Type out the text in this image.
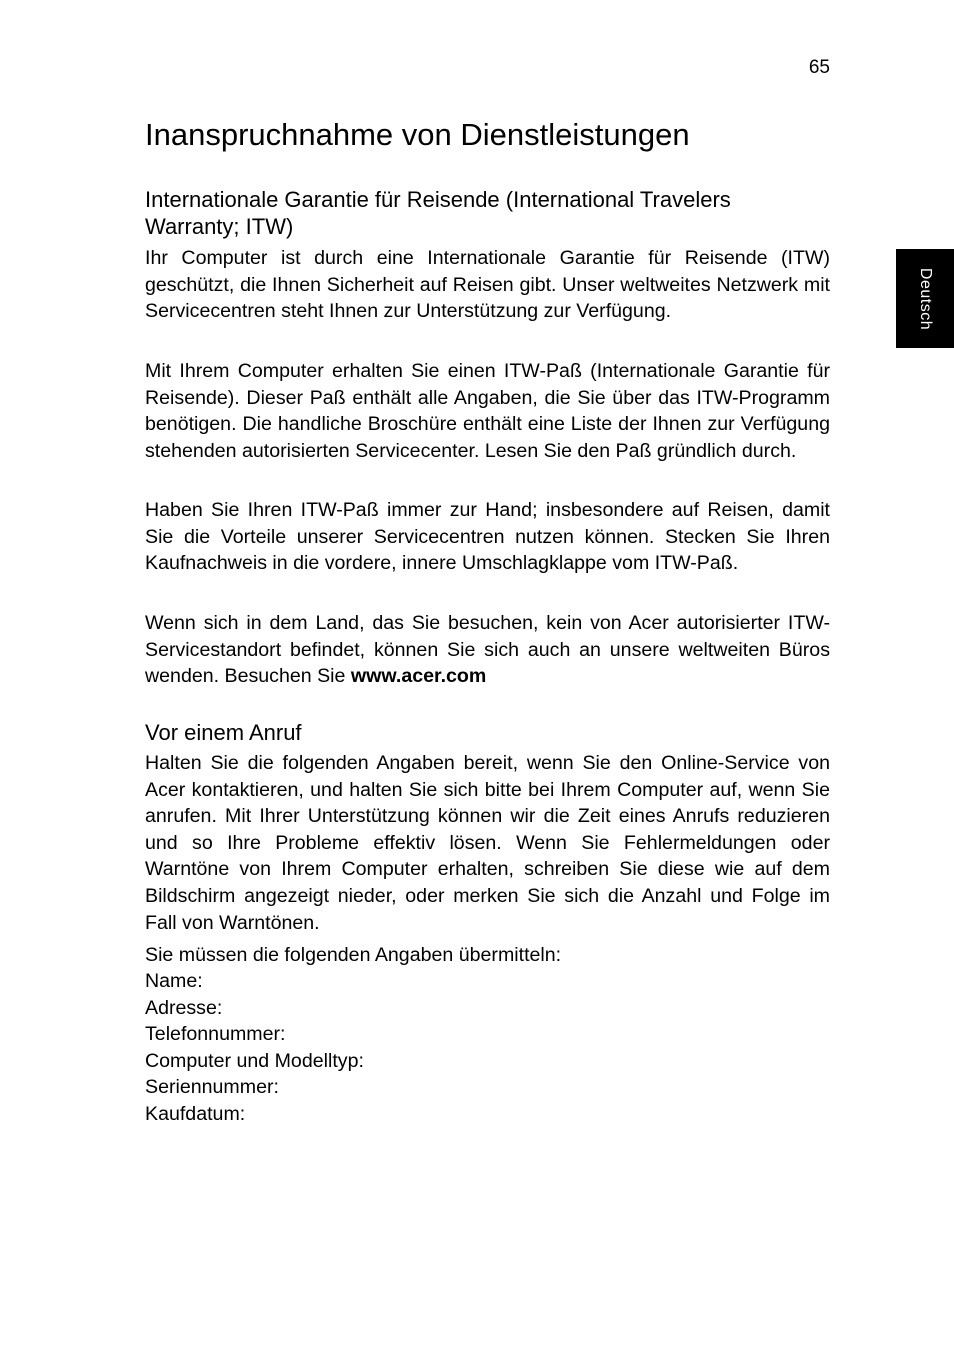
65
Deutsch
Inanspruchnahme von Dienstleistungen
Internationale Garantie für Reisende (International Travelers Warranty; ITW)

Ihr Computer ist durch eine Internationale Garantie für Reisende (ITW) geschützt, die Ihnen Sicherheit auf Reisen gibt. Unser weltweites Netzwerk mit Servicecentren steht Ihnen zur Unterstützung zur Verfügung.

Mit Ihrem Computer erhalten Sie einen ITW-Paß (Internationale Garantie für Reisende). Dieser Paß enthält alle Angaben, die Sie über das ITW-Programm benötigen. Die handliche Broschüre enthält eine Liste der Ihnen zur Verfügung stehenden autorisierten Servicecenter. Lesen Sie den Paß gründlich durch.

Haben Sie Ihren ITW-Paß immer zur Hand; insbesondere auf Reisen, damit Sie die Vorteile unserer Servicecentren nutzen können. Stecken Sie Ihren Kaufnachweis in die vordere, innere Umschlagklappe vom ITW-Paß.

Wenn sich in dem Land, das Sie besuchen, kein von Acer autorisierter ITW-Servicestandort befindet, können Sie sich auch an unsere weltweiten Büros wenden. Besuchen Sie www.acer.com

Vor einem Anruf

Halten Sie die folgenden Angaben bereit, wenn Sie den Online-Service von Acer kontaktieren, und halten Sie sich bitte bei Ihrem Computer auf, wenn Sie anrufen. Mit Ihrer Unterstützung können wir die Zeit eines Anrufs reduzieren und so Ihre Probleme effektiv lösen. Wenn Sie Fehlermeldungen oder Warntöne von Ihrem Computer erhalten, schreiben Sie diese wie auf dem Bildschirm angezeigt nieder, oder merken Sie sich die Anzahl und Folge im Fall von Warntönen.

Sie müssen die folgenden Angaben übermitteln:

Name:
Adresse:
Telefonnummer:
Computer und Modelltyp:
Seriennummer:
Kaufdatum:
